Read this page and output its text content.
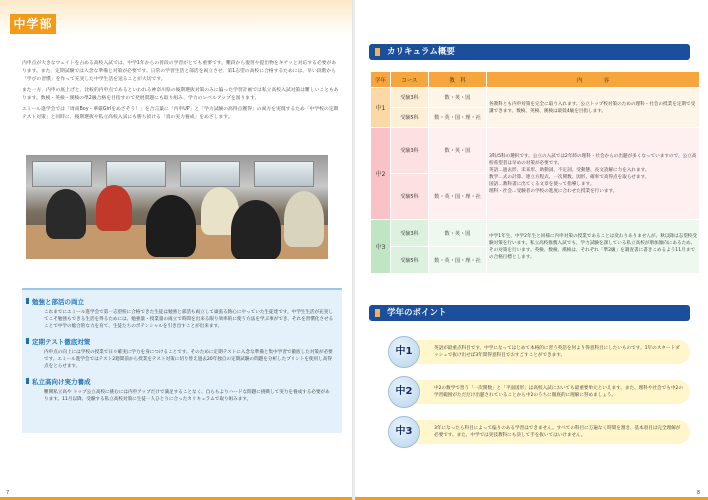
中学部

内申点が大きなウェイトを占める高校入試では、中学1年からの普段の学習がとても重要です。難段から復習や提出物をキチッと対応する必要があります。また、定期試験では入念な準備と対策が必要です。日常の学習生活と部活を両立させ、第1志望の高校に合格するためには、早い段階から「学びの習慣」を作って充実した中学生活を送ることが大切です。

また一方、内申の底上げと、比較的内申点であるといわれる神奈川県の後期選抜対策のみに偏った学習計画では私立高校入試対策は難しいこともあります。数検・英検・漢検の準2級合格を目指すので発展問題にも取り組み、学力のレベルアップを図ります。

エミール進学会では「周南Boy・華厳Girlをめざそう！」を合言葉に「内申UP」と「学力試験の高得点獲得」の両方を実現するため「中学校の定期テスト対策」と同時に、後期選抜や私立高校入試にも勝ち抜ける「真の実力養成」をめざします。

勉強と部活の両立
これまでにエミール進学会で第一志望校に合格できた生徒は勉強と部活も両立して頑張る熱心にやっていた生徒達です。中学生生活が充実してこそ勉強もできる生活を得るためには、勉強量・授業量の両立で時間を出来る限り効率的に使う方法を学ぶ事ができ、それを習慣化させることで中学の総合的な力を育て、生徒たちのポテンシャルを引き出すことが出来ます。
定期テスト徹底対策
内申点の向上には学校の授業で日々確実に学力を身につけることです。そのために定期テストに入念な準備と集中学習で徹底した対策が必要です。エミール進学会ではテスト2週間前から授業をテスト対策に切り替え過去20年独自の定期試験の問題を分析したプリントを使用し高得点をとらせます。
私立高向け実力養成
難関私立高や トップ公立高校に挑むには内申アップだけで満足することなく、自らもよりハードな問題に挑戦して実力を養成する必要があります。11月以降、受験する私立高校対策に生徒一人ひとりに合ったカリキュラムで取り組みます。
7	8
カリキュラム概要
学年	コース	教　科	内　　　　容
中1	受験3科	数・英・国	各教科とも内申対策を完全に取り入れます。公立トップ校対策のための理科・社会の授業を定期で受講できます。数検、英検、漢検は最低4級を目指します。
	受験5科	数・英・国・理・社	
中2	受験3科	数・英・国	3科/5科の選択です。公立の入試では2年時の理科・社会からの出題が多くなっていますので、公立高校希望者は早めの対策が必要です。
英語…過去形、未来形、助動詞、不定詞、受動態、長文読解に力を入れます。
数学…式の計算、連立方程式、一次関数、図形、確率で高得点を取らせます。
国語…教科書に出てくる文章を使って指導します。
理科・社会…受験者の学校の進度に合わせた授業を行います。
	受験5科	数・英・国・理・社	
中3	受験3科	数・英・国	中学1年生、中学2年生と同様に内申対策の授業であることは変わりありませんが、秋以降は志望校受験対策を行います。私立高校推薦入試でも、学力試験を課している私立高校が増加傾向にあるため、その対策を行います。英検、数検、漢検は、それぞれ「準2級」を調査書に書きこめるよう11月までの合格目標とします。
	受験5科	数・英・国・理・社	
学年のポイント
英語が最重点科目です。中学になってはじめて本格的に習う英語を何より得意科目にしたいものです。1年のスタートダッシュで抜け出せば3年間得意科目でおすごすことができます。
中1
中2の数学で習う「一次関数」と「平面図形」は高校入試においても最重要単元といえます。また、理科や社会でも中2の学習範囲がただだけ出題されていることから中2のうちに徹底的に理解に努めましょう。
中2
3年になったら科目によって偏りのある学習はできません。すべての科目に万遍なく時間を割き、基本項目は完全理解が必要です。また、中学では実技教科にも決して手を抜いてはいけません。
中3
